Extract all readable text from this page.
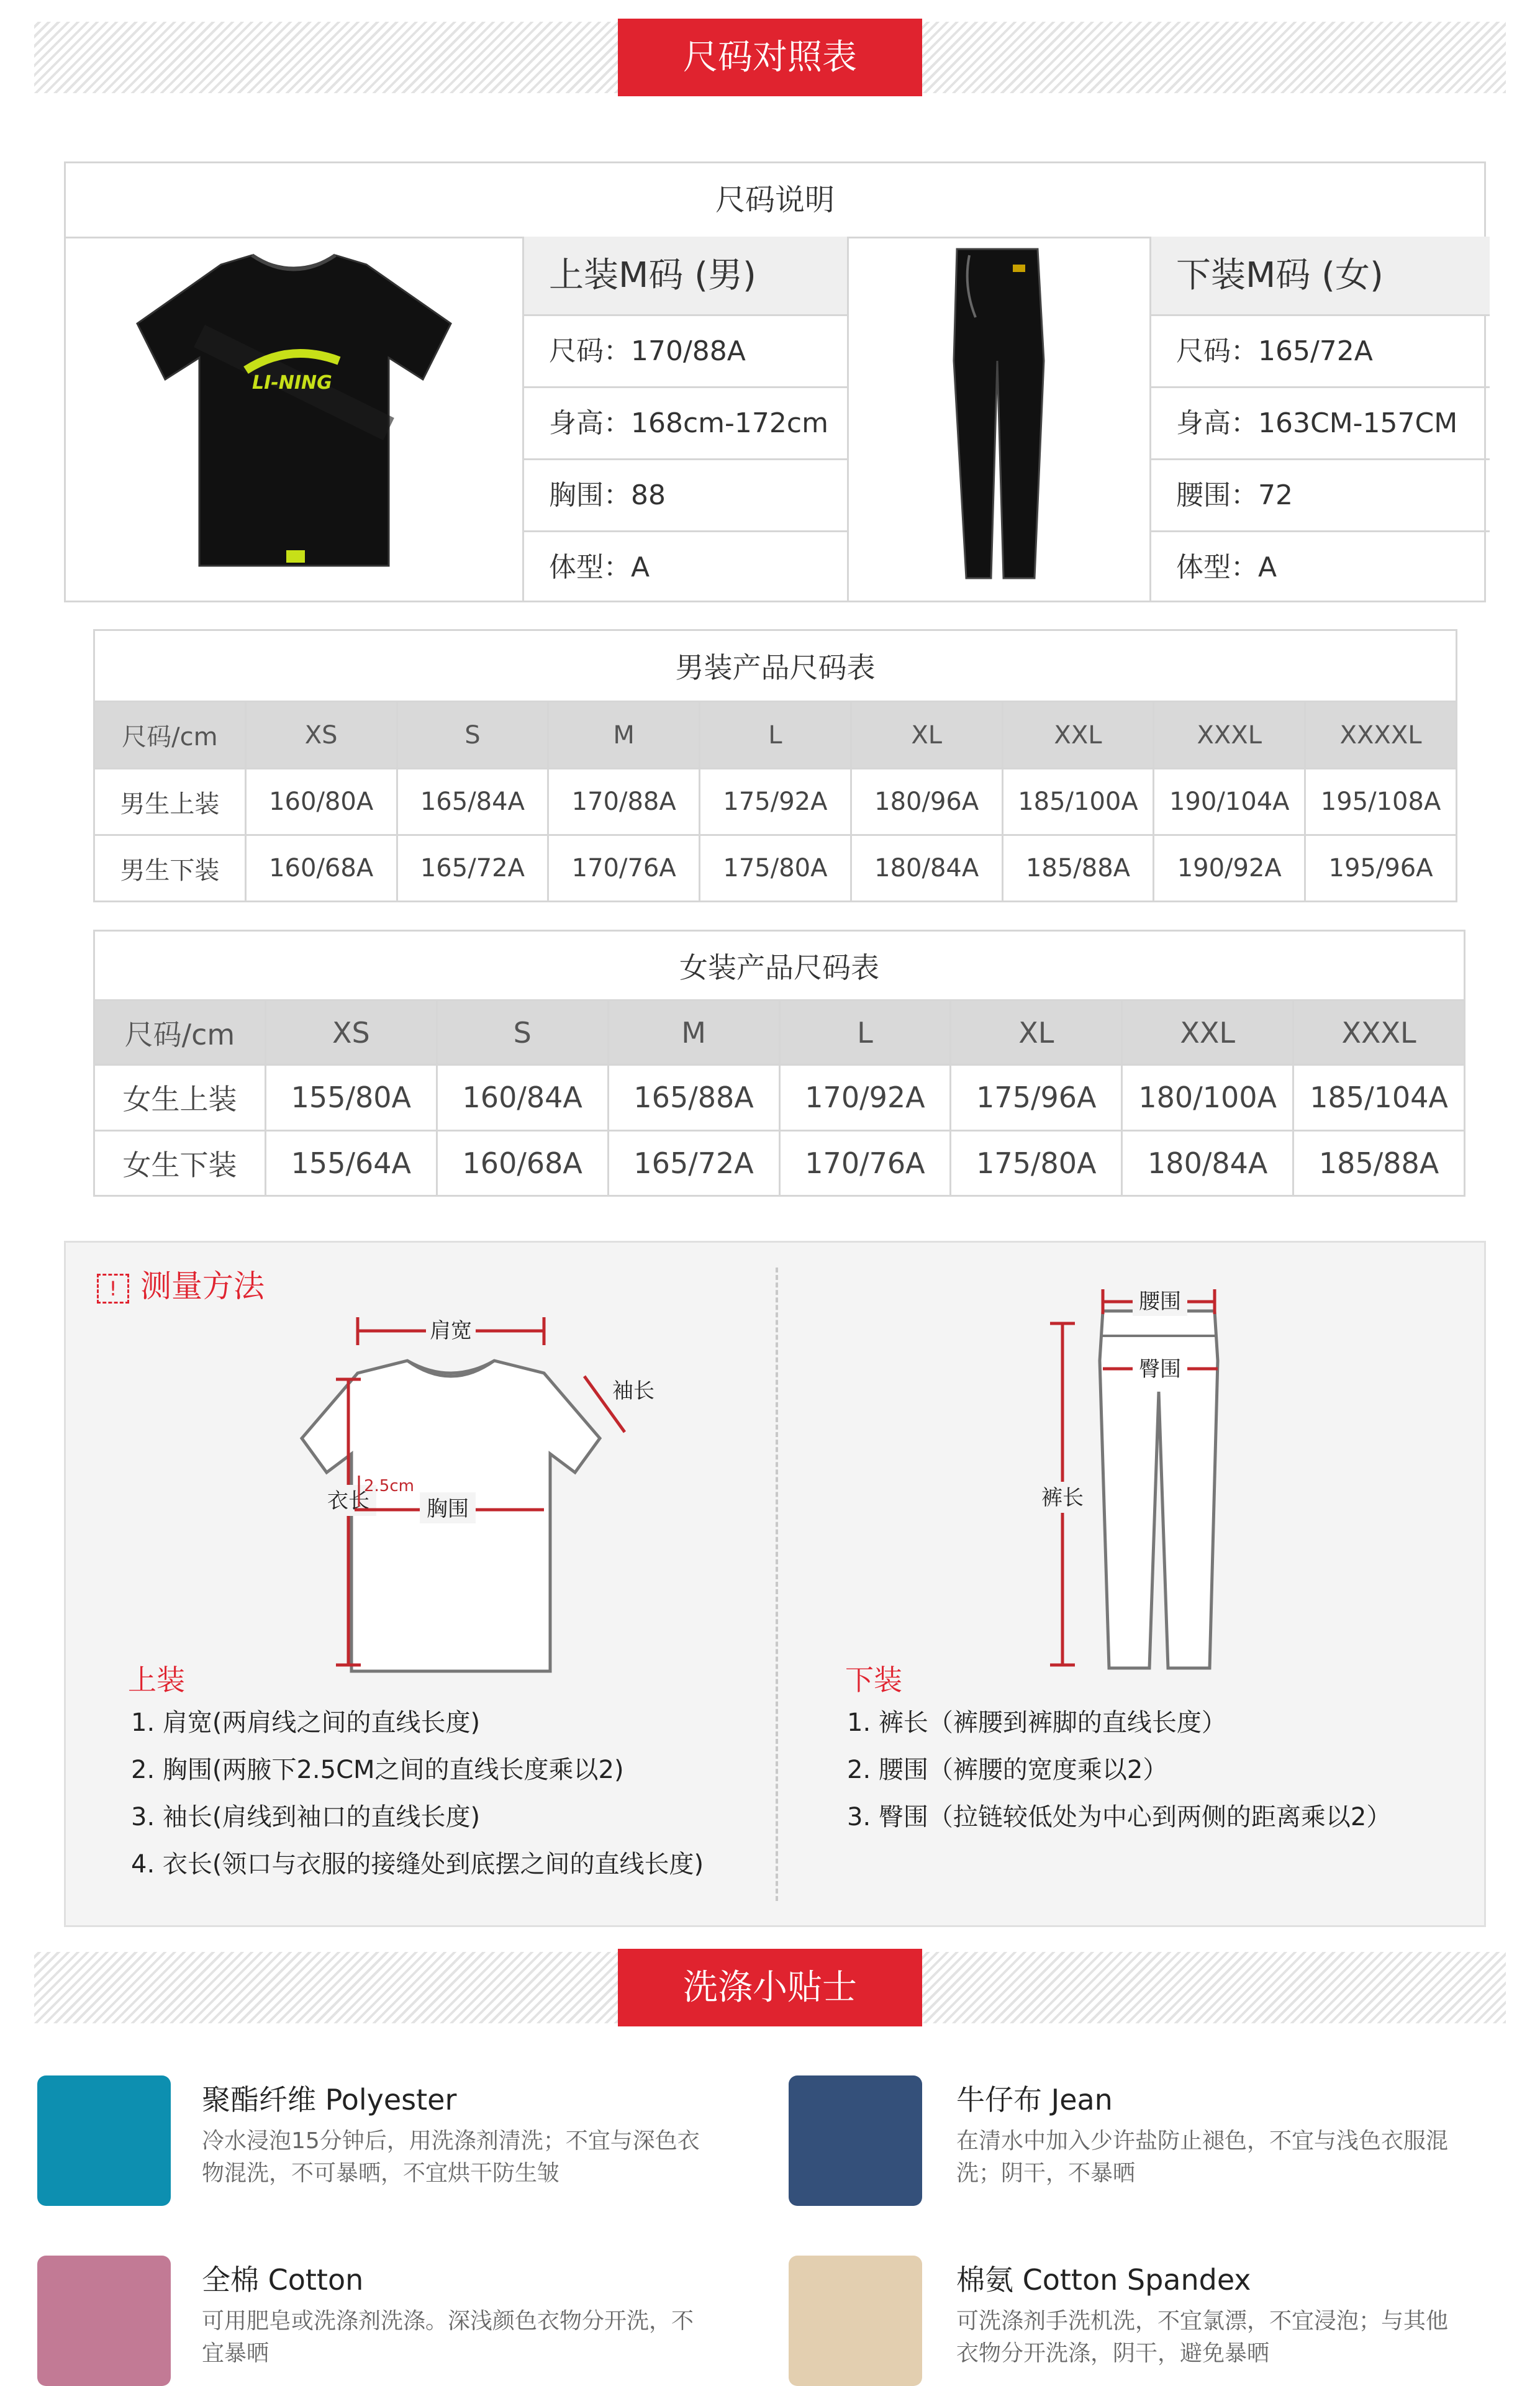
尺码对照表
尺码说明
LI-NING
上装M码 (男)
尺码：170/88A
身高：168cm-172cm
胸围：88
体型：A
下装M码 (女)
尺码：165/72A
身高：163CM-157CM
腰围：72
体型：A
男装产品尺码表								
尺码/cm	XS	S	M	L	XL	XXL	XXXL	XXXXL
男生上装	160/80A	165/84A	170/88A	175/92A	180/96A	185/100A	190/104A	195/108A
男生下装	160/68A	165/72A	170/76A	175/80A	180/84A	185/88A	190/92A	195/96A
女装产品尺码表							
尺码/cm	XS	S	M	L	XL	XXL	XXXL
女生上装	155/80A	160/84A	165/88A	170/92A	175/96A	180/100A	185/104A
女生下装	155/64A	160/68A	165/72A	170/76A	175/80A	180/84A	185/88A
! 测量方法
肩宽
袖长
衣长	胸围
2.5cm
上装
1. 肩宽(两肩线之间的直线长度)
2. 胸围(两腋下2.5CM之间的直线长度乘以2)
3. 袖长(肩线到袖口的直线长度)
4. 衣长(领口与衣服的接缝处到底摆之间的直线长度)
腰围
臀围
裤长
下装
1. 裤长（裤腰到裤脚的直线长度）
2. 腰围（裤腰的宽度乘以2）
3. 臀围（拉链较低处为中心到两侧的距离乘以2）
洗涤小贴士
聚酯纤维 Polyester
冷水浸泡15分钟后，用洗涤剂清洗；不宜与深色衣物混洗，不可暴晒，不宜烘干防生皱
牛仔布 Jean
在清水中加入少许盐防止褪色，不宜与浅色衣服混洗；阴干，不暴晒
全棉 Cotton
可用肥皂或洗涤剂洗涤。深浅颜色衣物分开洗，不宜暴晒
棉氨 Cotton Spandex
可洗涤剂手洗机洗，不宜氯漂，不宜浸泡；与其他衣物分开洗涤，阴干，避免暴晒
